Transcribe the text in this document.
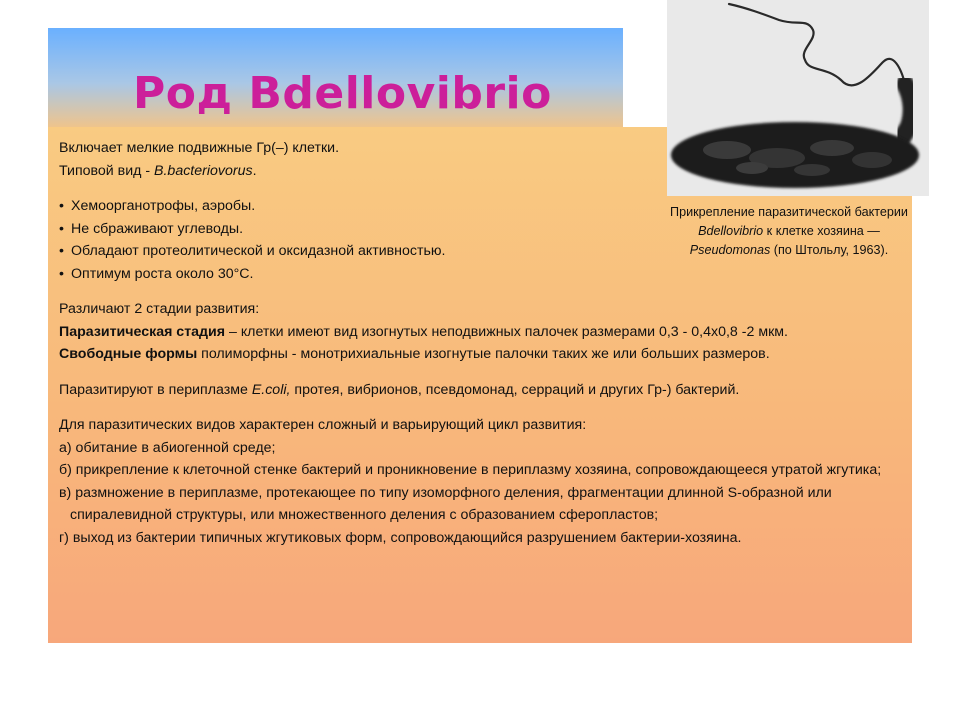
Род Bdellovibrio

Включает мелкие подвижные Гр(–) клетки.

Типовой вид - B.bacteriovorus.

• Хемоорганотрофы, аэробы.

• Не сбраживают углеводы.

• Обладают протеолитической и оксидазной активностью.

• Оптимум роста около 30°С.

Различают 2 стадии развития:

Паразитическая стадия – клетки имеют вид изогнутых неподвижных палочек размерами 0,3 - 0,4х0,8 -2 мкм.

Свободные формы полиморфны - монотрихиальные изогнутые палочки таких же или больших размеров.

Паразитируют в периплазме E.coli, протея, вибрионов, псевдомонад, серраций и других Гр-) бактерий.

Для паразитических видов характерен сложный и варьирующий цикл развития:

а) обитание в абиогенной среде;

б) прикрепление к клеточной стенке бактерий и проникновение в периплазму хозяина, сопровождающееся утратой жгутика;

в) размножение в периплазме, протекающее по типу изоморфного деления, фрагментации длинной S-образной или спиралевидной структуры, или множественного деления с образованием сферопластов;

г) выход из бактерии типичных жгутиковых форм, сопровождающийся разрушением бактерии-хозяина.

Прикрепление паразитической бактерии

Bdellovibrio к клетке хозяина —

Pseudomonas (по Штольлу, 1963).
